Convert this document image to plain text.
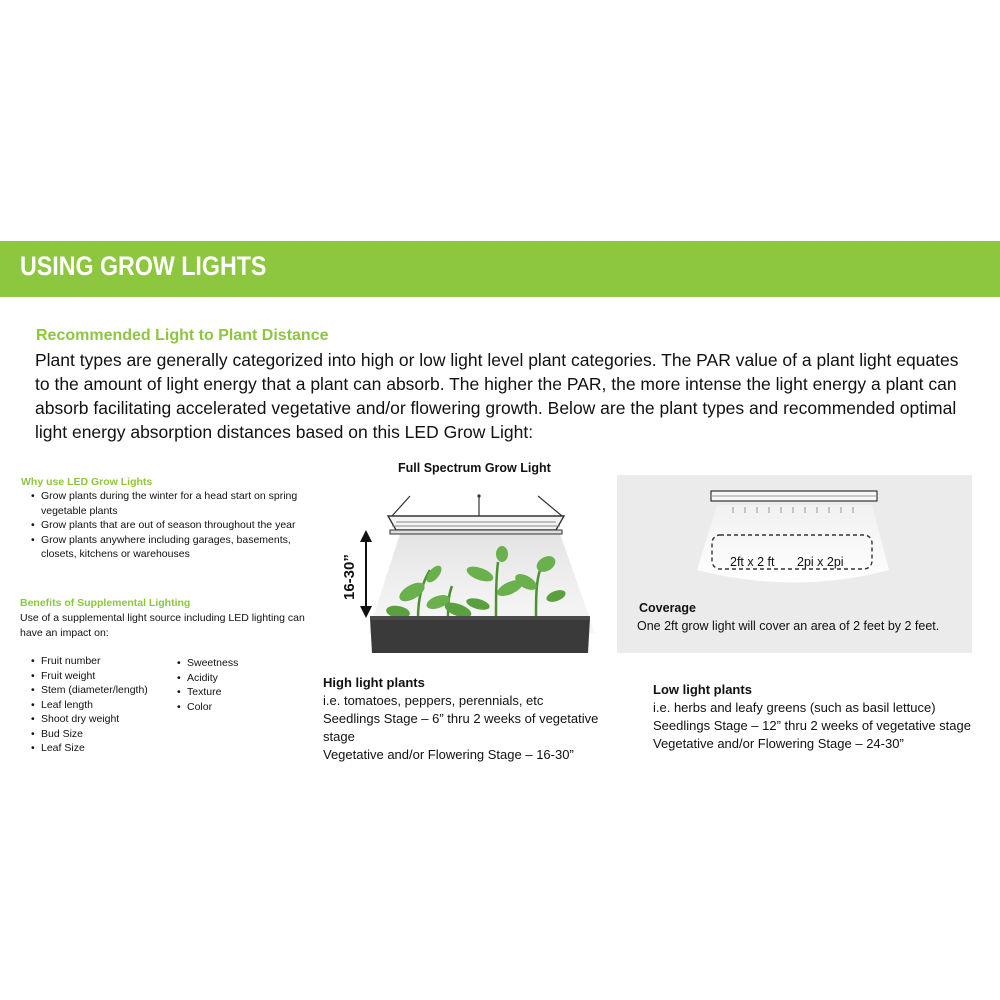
USING GROW LIGHTS
Recommended Light to Plant Distance

Plant types are generally categorized into high or low light level plant categories. The PAR value of a plant light equates to the amount of light energy that a plant can absorb. The higher the PAR, the more intense the light energy a plant can absorb facilitating accelerated vegetative and/or flowering growth. Below are the plant types and recommended optimal light energy absorption distances based on this LED Grow Light:

Why use LED Grow Lights
• Grow plants during the winter for a head start on spring vegetable plants
• Grow plants that are out of season throughout the year
• Grow plants anywhere including garages, basements, closets, kitchens or warehouses
Benefits of Supplemental Lighting

Use of a supplemental light source including LED lighting can have an impact on:

• Fruit number
• Fruit weight
• Stem (diameter/length)
• Leaf length
• Shoot dry weight
• Bud Size
• Leaf Size
• Sweetness
• Acidity
• Texture
• Color
Full Spectrum Grow Light
16-30”	2ft x 2 ft 2pi x 2pi
Coverage

One 2ft grow light will cover an area of 2 feet by 2 feet.

High light plants
i.e. tomatoes, peppers, perennials, etc
Seedlings Stage – 6” thru 2 weeks of vegetative stage
Vegetative and/or Flowering Stage – 16-30”
Low light plants
i.e. herbs and leafy greens (such as basil lettuce)
Seedlings Stage – 12” thru 2 weeks of vegetative stage
Vegetative and/or Flowering Stage – 24-30”
